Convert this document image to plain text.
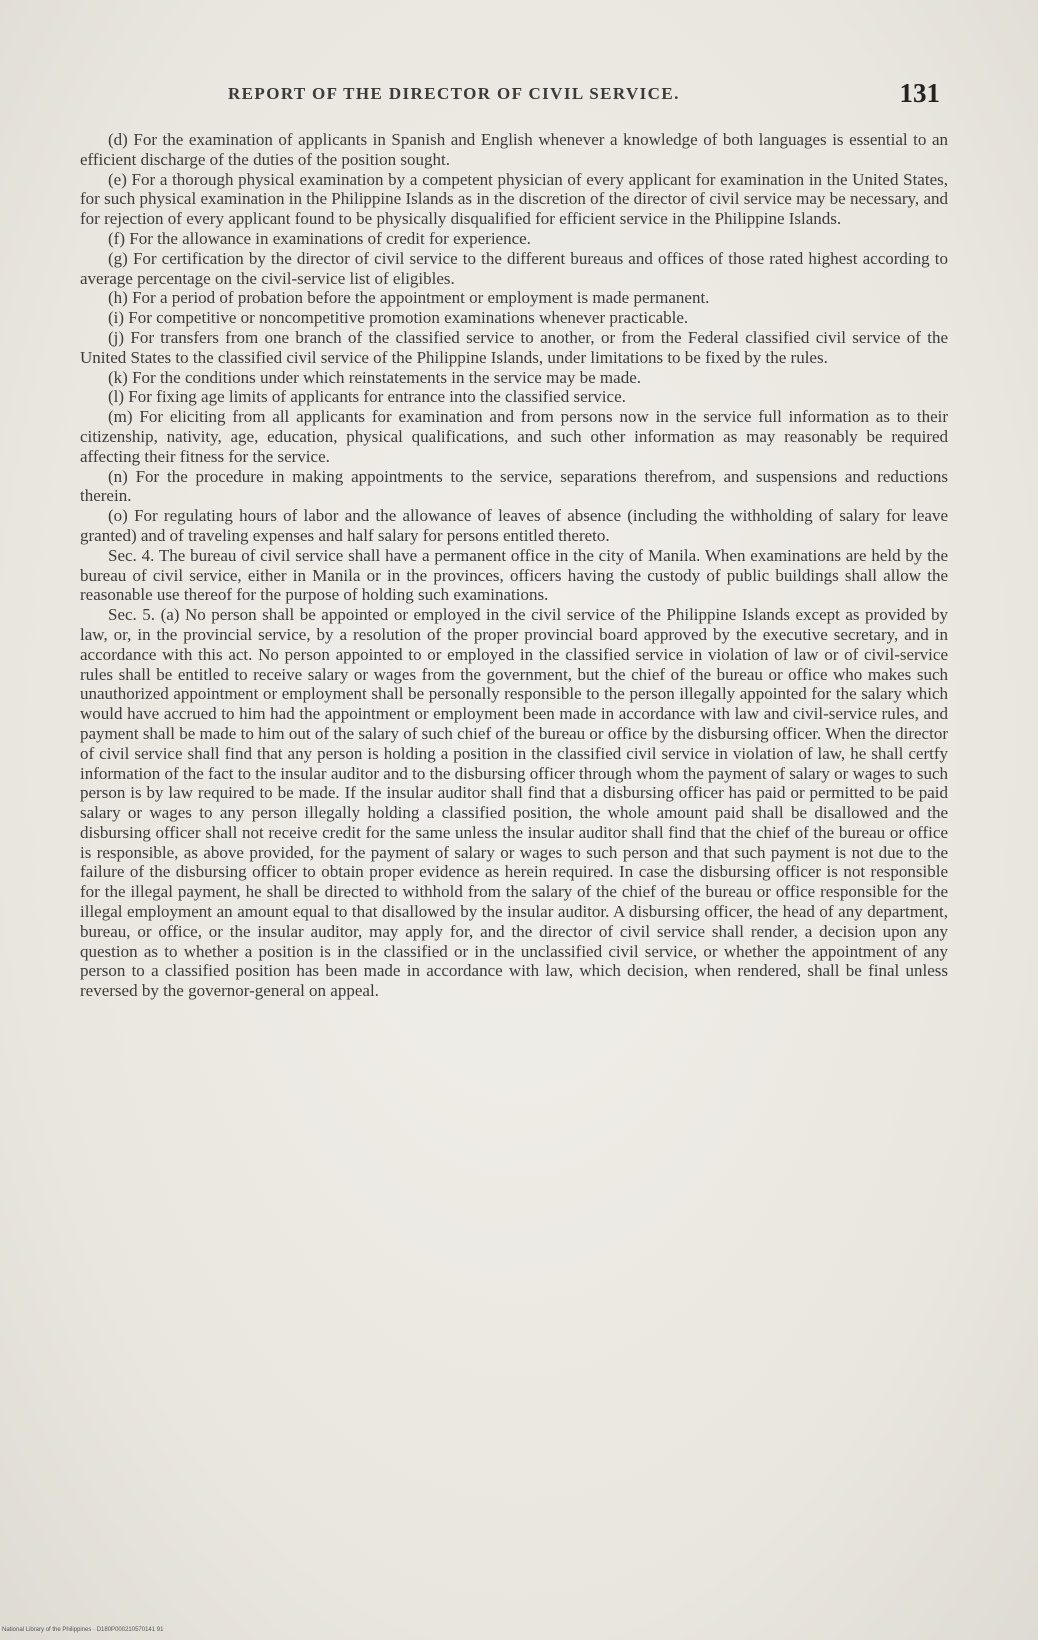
REPORT OF THE DIRECTOR OF CIVIL SERVICE.	131

(d) For the examination of applicants in Spanish and English whenever a knowledge of both languages is essential to an efficient discharge of the duties of the position sought.

(e) For a thorough physical examination by a competent physician of every applicant for examination in the United States, for such physical examination in the Philippine Islands as in the discretion of the director of civil service may be necessary, and for rejection of every applicant found to be physically disqualified for efficient service in the Philippine Islands.

(f) For the allowance in examinations of credit for experience.

(g) For certification by the director of civil service to the different bureaus and offices of those rated highest according to average percentage on the civil-service list of eligibles.

(h) For a period of probation before the appointment or employment is made permanent.

(i) For competitive or noncompetitive promotion examinations whenever practicable.

(j) For transfers from one branch of the classified service to another, or from the Federal classified civil service of the United States to the classified civil service of the Philippine Islands, under limitations to be fixed by the rules.

(k) For the conditions under which reinstatements in the service may be made.

(l) For fixing age limits of applicants for entrance into the classified service.

(m) For eliciting from all applicants for examination and from persons now in the service full information as to their citizenship, nativity, age, education, physical qualifications, and such other information as may reasonably be required affecting their fitness for the service.

(n) For the procedure in making appointments to the service, separations therefrom, and suspensions and reductions therein.

(o) For regulating hours of labor and the allowance of leaves of absence (including the withholding of salary for leave granted) and of traveling expenses and half salary for persons entitled thereto.

Sec. 4. The bureau of civil service shall have a permanent office in the city of Manila. When examinations are held by the bureau of civil service, either in Manila or in the provinces, officers having the custody of public buildings shall allow the reasonable use thereof for the purpose of holding such examinations.

Sec. 5. (a) No person shall be appointed or employed in the civil service of the Philippine Islands except as provided by law, or, in the provincial service, by a resolution of the proper provincial board approved by the executive secretary, and in accordance with this act. No person appointed to or employed in the classified service in violation of law or of civil-service rules shall be entitled to receive salary or wages from the government, but the chief of the bureau or office who makes such unauthorized appointment or employment shall be personally responsible to the person illegally appointed for the salary which would have accrued to him had the appointment or employment been made in accordance with law and civil-service rules, and payment shall be made to him out of the salary of such chief of the bureau or office by the disbursing officer. When the director of civil service shall find that any person is holding a position in the classified civil service in violation of law, he shall certfy information of the fact to the insular auditor and to the disbursing officer through whom the payment of salary or wages to such person is by law required to be made. If the insular auditor shall find that a disbursing officer has paid or permitted to be paid salary or wages to any person illegally holding a classified position, the whole amount paid shall be disallowed and the disbursing officer shall not receive credit for the same unless the insular auditor shall find that the chief of the bureau or office is responsible, as above provided, for the payment of salary or wages to such person and that such payment is not due to the failure of the disbursing officer to obtain proper evidence as herein required. In case the disbursing officer is not responsible for the illegal payment, he shall be directed to withhold from the salary of the chief of the bureau or office responsible for the illegal employment an amount equal to that disallowed by the insular auditor. A disbursing officer, the head of any department, bureau, or office, or the insular auditor, may apply for, and the director of civil service shall render, a decision upon any question as to whether a position is in the classified or in the unclassified civil service, or whether the appointment of any person to a classified position has been made in accordance with law, which decision, when rendered, shall be final unless reversed by the governor-general on appeal.

National Library of the Philippines · D180P000210570141 91
